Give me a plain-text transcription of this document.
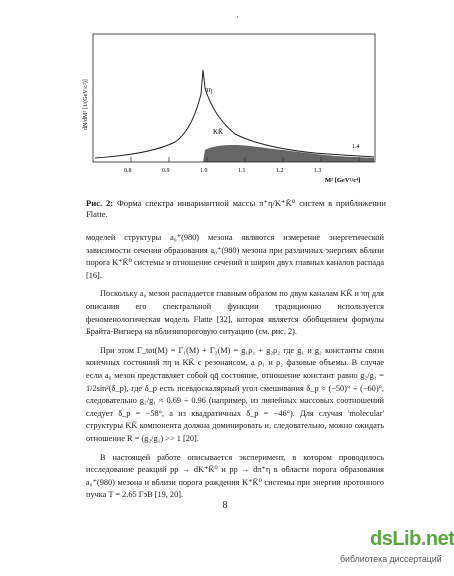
·
πη
KK̄
0.8	0.9	1.0	1.1	1.2	1.3
1.4
M² [GeV²/c⁴]
dN/dM² [1/(GeV/c²)]
Рис. 2: Форма спектра инвариантной массы π⁺η/K⁺K̄⁰ систем в приближении Flatte.

моделей структуры a₀⁺(980) мезона являются измерение энергетической зависимости сечения образования a₀⁺(980) мезона при различных энергиях вблизи порога K⁺K̄⁰ системы и отношение сечений и ширин двух главных каналов распада [16].

Поскольку a₀ мезон распадается главным образом по двум каналам KK̄ и πη для описания его спектральной функции традиционно используется феноменологическая модель Flatte [32], которая является обобщением формулы Брайта-Вигнера на вблизипороговую ситуацию (см. рис. 2).

При этом Γ_tot(M) = Γ₁(M) + Γ₂(M) = g₁ρ₁ + g₂ρ₂ где g₁ и g₂ константы связи конечных состояний πη и KK̄ с резонансом, а ρ₁ и ρ₂ фазовые объемы. В случае если a₀ мезон представляет собой qq̄ состояние, отношение констант равно g₂/g₁ = 1/2sin²(δ_p), где δ_p есть псевдоскалярный угол смешивания δ_p ≈ (−50)° ÷ (−60)°, следовательно g₂/g₁ ≈ 0.69 ÷ 0.96 (например, из линейных массовых соотношений следует δ_p = −58°, а из квадратичных δ_p = −46°). Для случая 'molecular' структуры KK̄ компонента должна доминировать и, следовательно, можно ожидать отношение R = (g₂/g₁) >> 1 [20].

В настоящей работе описывается эксперимент, в котором проводилось исследование реакций pp → dK⁺K̄⁰ и pp → dπ⁺η в области порога образования a₀⁺(980) мезона и вблизи порога рождения K⁺K̄⁰ системы при энергии протонного пучка T = 2.65 ГэВ [19, 20].

8
dsLib.net
библиотека диссертаций
